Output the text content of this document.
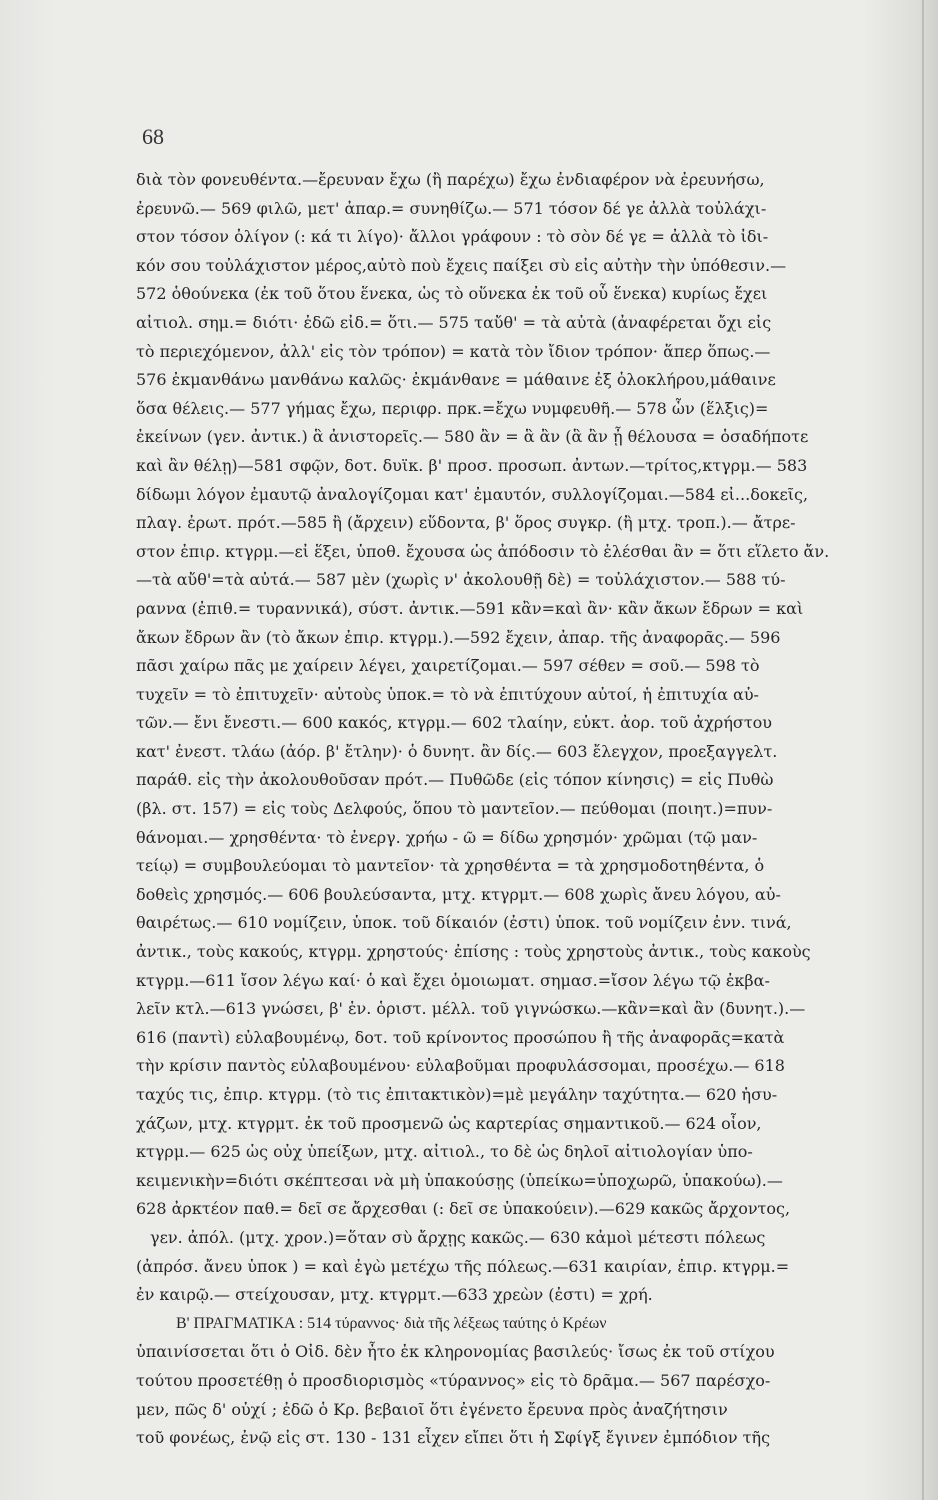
68

διὰ τὸν φονευθέντα.—ἔρευναν ἔχω (ἢ παρέχω) ἔχω ἐνδιαφέρον νὰ ἐρευνήσω,

ἐρευνῶ.— 569 φιλῶ, μετ' ἀπαρ.= συνηθίζω.— 571 τόσον δέ γε ἀλλὰ τοὐλάχι-

στον τόσον ὀλίγον (: κά τι λίγο)· ἄλλοι γράφουν : τὸ σὸν δέ γε = ἀλλὰ τὸ ἰδι-

κόν σου τοὐλάχιστον μέρος,αὐτὸ ποὺ ἔχεις παίξει σὺ εἰς αὐτὴν τὴν ὑπόθεσιν.—

572 ὁθούνεκα (ἐκ τοῦ ὅτου ἕνεκα, ὡς τὸ οὕνεκα ἐκ τοῦ οὗ ἕνεκα) κυρίως ἔχει

αἰτιολ. σημ.= διότι· ἐδῶ εἰδ.= ὅτι.— 575 ταὔθ' = τὰ αὐτὰ (ἀναφέρεται ὄχι εἰς

τὸ περιεχόμενον, ἀλλ' εἰς τὸν τρόπον) = κατὰ τὸν ἴδιον τρόπον· ἅπερ ὅπως.—

576 ἐκμανθάνω μανθάνω καλῶς· ἐκμάνθανε = μάθαινε ἐξ ὁλοκλήρου,μάθαινε

ὅσα θέλεις.— 577 γήμας ἔχω, περιφρ. πρκ.=ἔχω νυμφευθῆ.— 578 ὧν (ἕλξις)=

ἐκείνων (γεν. ἀντικ.) ἃ ἀνιστορεῖς.— 580 ἂν = ἃ ἂν (ἃ ἂν ᾖ θέλουσα = ὁσαδήποτε

καὶ ἂν θέλῃ)—581 σφῷν, δοτ. δυϊκ. β' προσ. προσωπ. ἀντων.—τρίτος,κτγρμ.— 583

δίδωμι λόγον ἐμαυτῷ ἀναλογίζομαι κατ' ἐμαυτόν, συλλογίζομαι.—584 εἰ...δοκεῖς,

πλαγ. ἐρωτ. πρότ.—585 ἢ (ἄρχειν) εὕδοντα, β' ὅρος συγκρ. (ἢ μτχ. τροπ.).— ἄτρε-

στον ἐπιρ. κτγρμ.—εἰ ἕξει, ὑποθ. ἔχουσα ὡς ἀπόδοσιν τὸ ἑλέσθαι ἂν = ὅτι εἵλετο ἄν.

—τὰ αὔθ'=τὰ αὐτά.— 587 μὲν (χωρὶς ν' ἀκολουθῇ δὲ) = τοὐλάχιστον.— 588 τύ-

ραννα (ἐπιθ.= τυραννικά), σύστ. ἀντικ.—591 κἂν=καὶ ἂν· κἂν ἄκων ἔδρων = καὶ

ἄκων ἔδρων ἂν (τὸ ἄκων ἐπιρ. κτγρμ.).—592 ἔχειν, ἀπαρ. τῆς ἀναφορᾶς.— 596

πᾶσι χαίρω πᾶς με χαίρειν λέγει, χαιρετίζομαι.— 597 σέθεν = σοῦ.— 598 τὸ

τυχεῖν = τὸ ἐπιτυχεῖν· αὐτοὺς ὑποκ.= τὸ νὰ ἐπιτύχουν αὐτοί, ἡ ἐπιτυχία αὐ-

τῶν.— ἔνι ἔνεστι.— 600 κακός, κτγρμ.— 602 τλαίην, εὐκτ. ἀορ. τοῦ ἀχρήστου

κατ' ἐνεστ. τλάω (ἀόρ. β' ἔτλην)· ὁ δυνητ. ἂν δίς.— 603 ἔλεγχον, προεξαγγελτ.

παράθ. εἰς τὴν ἀκολουθοῦσαν πρότ.— Πυθῶδε (εἰς τόπον κίνησις) = εἰς Πυθὼ

(βλ. στ. 157) = εἰς τοὺς Δελφούς, ὅπου τὸ μαντεῖον.— πεύθομαι (ποιητ.)=πυν-

θάνομαι.— χρησθέντα· τὸ ἐνεργ. χρήω - ῶ = δίδω χρησμόν· χρῶμαι (τῷ μαν-

τείῳ) = συμβουλεύομαι τὸ μαντεῖον· τὰ χρησθέντα = τὰ χρησμοδοτηθέντα, ὁ

δοθεὶς χρησμός.— 606 βουλεύσαντα, μτχ. κτγρμτ.— 608 χωρὶς ἄνευ λόγου, αὐ-

θαιρέτως.— 610 νομίζειν, ὑποκ. τοῦ δίκαιόν (ἐστι) ὑποκ. τοῦ νομίζειν ἐνν. τινά,

ἀντικ., τοὺς κακούς, κτγρμ. χρηστούς· ἐπίσης : τοὺς χρηστοὺς ἀντικ., τοὺς κακοὺς

κτγρμ.—611 ἴσον λέγω καί· ὁ καὶ ἔχει ὁμοιωματ. σημασ.=ἴσον λέγω τῷ ἐκβα-

λεῖν κτλ.—613 γνώσει, β' ἑν. ὁριστ. μέλλ. τοῦ γιγνώσκω.—κἂν=καὶ ἂν (δυνητ.).—

616 (παντὶ) εὐλαβουμένῳ, δοτ. τοῦ κρίνοντος προσώπου ἢ τῆς ἀναφορᾶς=κατὰ

τὴν κρίσιν παντὸς εὐλαβουμένου· εὐλαβοῦμαι προφυλάσσομαι, προσέχω.— 618

ταχύς τις, ἐπιρ. κτγρμ. (τὸ τις ἐπιτακτικὸν)=μὲ μεγάλην ταχύτητα.— 620 ἡσυ-

χάζων, μτχ. κτγρμτ. ἐκ τοῦ προσμενῶ ὡς καρτερίας σημαντικοῦ.— 624 οἷον,

κτγρμ.— 625 ὡς οὐχ ὑπείξων, μτχ. αἰτιολ., το δὲ ὡς δηλοῖ αἰτιολογίαν ὑπο-

κειμενικὴν=διότι σκέπτεσαι νὰ μὴ ὑπακούσῃς (ὑπείκω=ὑποχωρῶ, ὑπακούω).—

628 ἀρκτέον παθ.= δεῖ σε ἄρχεσθαι (: δεῖ σε ὑπακούειν).—629 κακῶς ἄρχοντος,

γεν. ἀπόλ. (μτχ. χρον.)=ὅταν σὺ ἄρχῃς κακῶς.— 630 κἀμοὶ μέτεστι πόλεως

(ἀπρόσ. ἄνευ ὑποκ ) = καὶ ἐγὼ μετέχω τῆς πόλεως.—631 καιρίαν, ἐπιρ. κτγρμ.=

ἐν καιρῷ.— στείχουσαν, μτχ. κτγρμτ.—633 χρεὼν (ἐστι) = χρή.

Β' ΠΡΑΓΜΑΤΙΚΑ : 514 τύραννος· διὰ τῆς λέξεως ταύτης ὁ Κρέων

ὑπαινίσσεται ὅτι ὁ Οἰδ. δὲν ἦτο ἐκ κληρονομίας βασιλεύς· ἴσως ἐκ τοῦ στίχου

τούτου προσετέθῃ ὁ προσδιορισμὸς «τύραννος» εἰς τὸ δρᾶμα.— 567 παρέσχο-

μεν, πῶς δ' οὐχί ; ἐδῶ ὁ Κρ. βεβαιοῖ ὅτι ἐγένετο ἔρευνα πρὸς ἀναζήτησιν

τοῦ φονέως, ἐνῷ εἰς στ. 130 - 131 εἶχεν εἴπει ὅτι ἡ Σφίγξ ἔγινεν ἐμπόδιον τῆς
